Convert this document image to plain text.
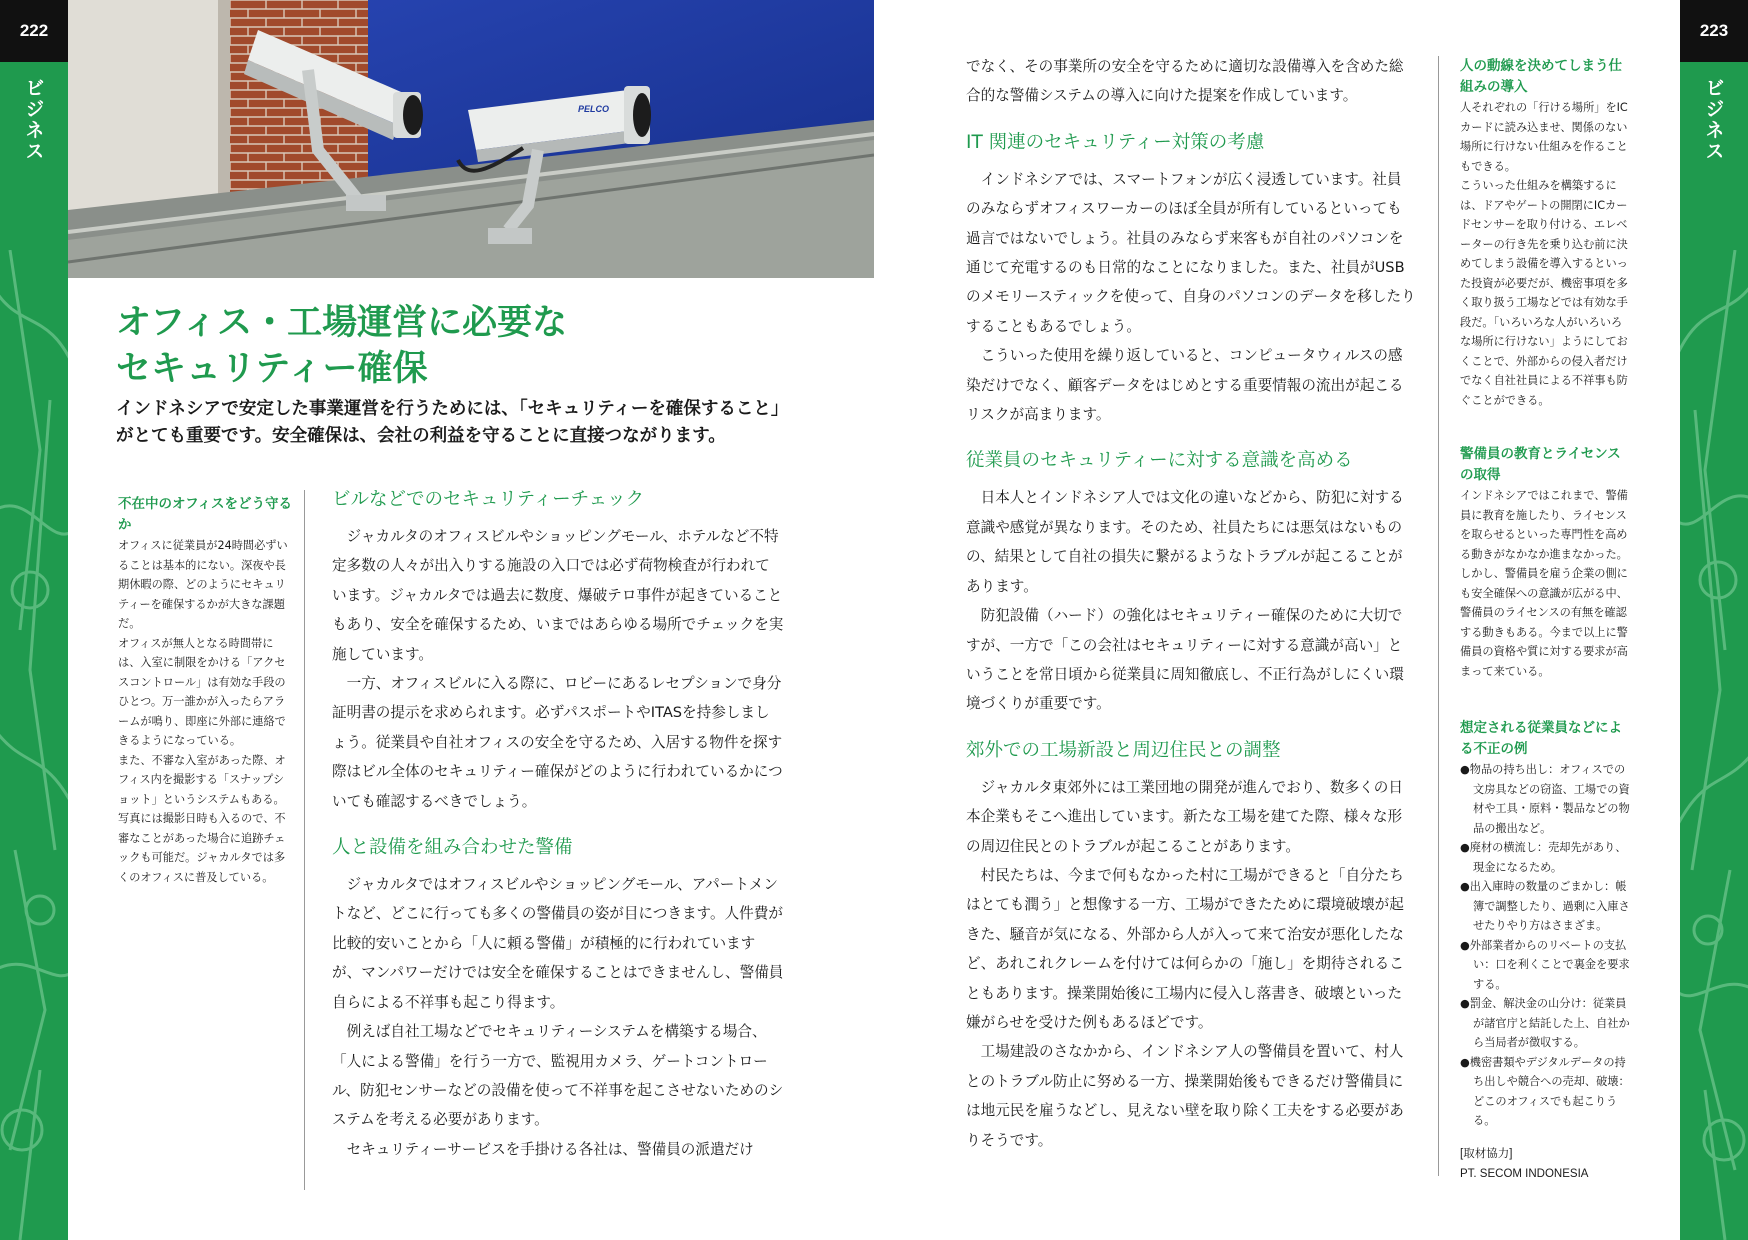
222
ビジネス
223
ビジネス
PELCO
オフィス・工場運営に必要な
セキュリティー確保
インドネシアで安定した事業運営を行うためには、「セキュリティーを確保すること」がとても重要です。安全確保は、会社の利益を守ることに直接つながります。
不在中のオフィスをどう守るか

オフィスに従業員が24時間必ずいることは基本的にない。深夜や長期休暇の際、どのようにセキュリティーを確保するかが大きな課題だ。

オフィスが無人となる時間帯には、入室に制限をかける「アクセスコントロール」は有効な手段のひとつ。万一誰かが入ったらアラームが鳴り、即座に外部に連絡できるようになっている。

また、不審な入室があった際、オフィス内を撮影する「スナップショット」というシステムもある。写真には撮影日時も入るので、不審なことがあった場合に追跡チェックも可能だ。ジャカルタでは多くのオフィスに普及している。

ビルなどでのセキュリティーチェック

ジャカルタのオフィスビルやショッピングモール、ホテルなど不特定多数の人々が出入りする施設の入口では必ず荷物検査が行われています。ジャカルタでは過去に数度、爆破テロ事件が起きていることもあり、安全を確保するため、いまではあらゆる場所でチェックを実施しています。

一方、オフィスビルに入る際に、ロビーにあるレセプションで身分証明書の提示を求められます。必ずパスポートやITASを持参しましょう。従業員や自社オフィスの安全を守るため、入居する物件を探す際はビル全体のセキュリティー確保がどのように行われているかについても確認するべきでしょう。

人と設備を組み合わせた警備

ジャカルタではオフィスビルやショッピングモール、アパートメントなど、どこに行っても多くの警備員の姿が目につきます。人件費が比較的安いことから「人に頼る警備」が積極的に行われていますが、マンパワーだけでは安全を確保することはできませんし、警備員自らによる不祥事も起こり得ます。

例えば自社工場などでセキュリティーシステムを構築する場合、「人による警備」を行う一方で、監視用カメラ、ゲートコントロール、防犯センサーなどの設備を使って不祥事を起こさせないためのシステムを考える必要があります。

セキュリティーサービスを手掛ける各社は、警備員の派遣だけ

でなく、その事業所の安全を守るために適切な設備導入を含めた総合的な警備システムの導入に向けた提案を作成しています。

IT 関連のセキュリティー対策の考慮

インドネシアでは、スマートフォンが広く浸透しています。社員のみならずオフィスワーカーのほぼ全員が所有しているといっても過言ではないでしょう。社員のみならず来客もが自社のパソコンを通じて充電するのも日常的なことになりました。また、社員がUSBのメモリースティックを使って、自身のパソコンのデータを移したりすることもあるでしょう。

こういった使用を繰り返していると、コンピュータウィルスの感染だけでなく、顧客データをはじめとする重要情報の流出が起こるリスクが高まります。

従業員のセキュリティーに対する意識を高める

日本人とインドネシア人では文化の違いなどから、防犯に対する意識や感覚が異なります。そのため、社員たちには悪気はないものの、結果として自社の損失に繋がるようなトラブルが起こることがあります。

防犯設備（ハード）の強化はセキュリティー確保のために大切ですが、一方で「この会社はセキュリティーに対する意識が高い」ということを常日頃から従業員に周知徹底し、不正行為がしにくい環境づくりが重要です。

郊外での工場新設と周辺住民との調整

ジャカルタ東郊外には工業団地の開発が進んでおり、数多くの日本企業もそこへ進出しています。新たな工場を建てた際、様々な形の周辺住民とのトラブルが起こることがあります。

村民たちは、今まで何もなかった村に工場ができると「自分たちはとても潤う」と想像する一方、工場ができたために環境破壊が起きた、騒音が気になる、外部から人が入って来て治安が悪化したなど、あれこれクレームを付けては何らかの「施し」を期待されることもあります。操業開始後に工場内に侵入し落書き、破壊といった嫌がらせを受けた例もあるほどです。

工場建設のさなかから、インドネシア人の警備員を置いて、村人とのトラブル防止に努める一方、操業開始後もできるだけ警備員には地元民を雇うなどし、見えない壁を取り除く工夫をする必要がありそうです。

人の動線を決めてしまう仕組みの導入

人それぞれの「行ける場所」をICカードに読み込ませ、関係のない場所に行けない仕組みを作ることもできる。

こういった仕組みを構築するには、ドアやゲートの開閉にICカードセンサーを取り付ける、エレベーターの行き先を乗り込む前に決めてしまう設備を導入するといった投資が必要だが、機密事項を多く取り扱う工場などでは有効な手段だ。「いろいろな人がいろいろな場所に行けない」ようにしておくことで、外部からの侵入者だけでなく自社社員による不祥事も防ぐことができる。

警備員の教育とライセンスの取得

インドネシアではこれまで、警備員に教育を施したり、ライセンスを取らせるといった専門性を高める動きがなかなか進まなかった。しかし、警備員を雇う企業の側にも安全確保への意識が広がる中、警備員のライセンスの有無を確認する動きもある。今まで以上に警備員の資格や質に対する要求が高まって来ている。

想定される従業員などによる不正の例
● 物品の持ち出し：オフィスでの文房具などの窃盗、工場での資材や工具・原料・製品などの物品の搬出など。
● 廃材の横流し：売却先があり、現金になるため。
● 出入庫時の数量のごまかし：帳簿で調整したり、過剰に入庫させたりやり方はさまざま。
● 外部業者からのリベートの支払い：口を利くことで裏金を要求する。
● 罰金、解決金の山分け：従業員が諸官庁と結託した上、自社から当局者が徴収する。
● 機密書類やデジタルデータの持ち出しや競合への売却、破壊：どこのオフィスでも起こりうる。
[取材協力]
PT. SECOM INDONESIA
